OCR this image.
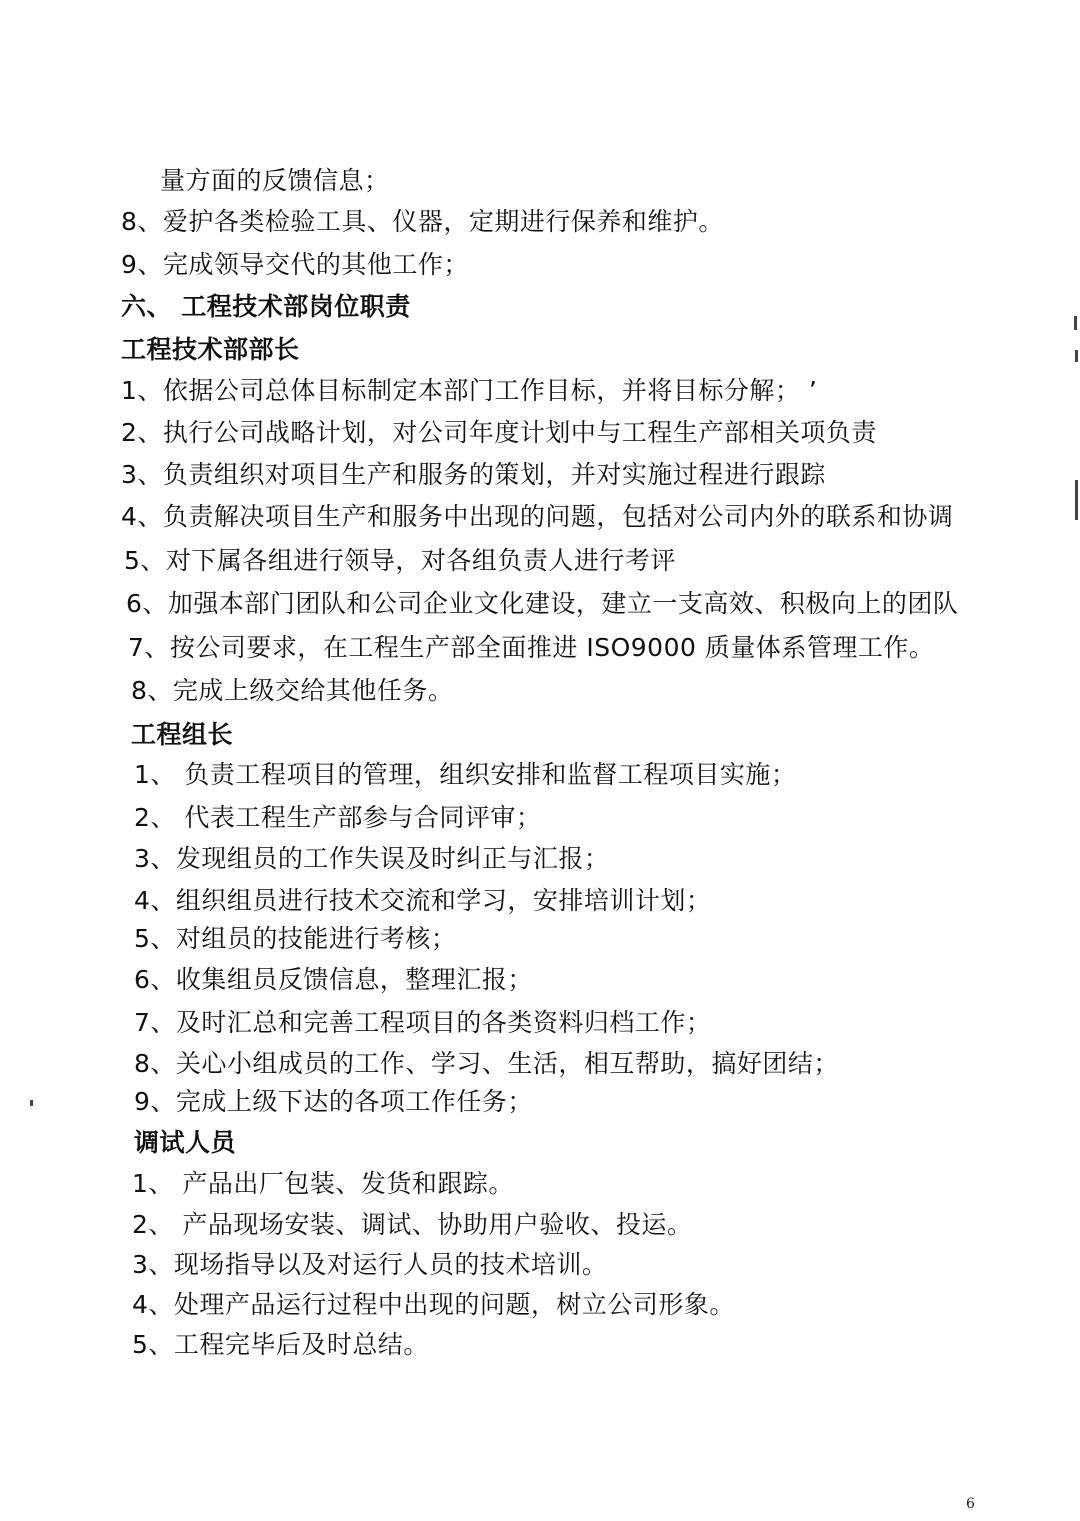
量方面的反馈信息；
8、爱护各类检验工具、仪器，定期进行保养和维护。
9、完成领导交代的其他工作；
六、 工程技术部岗位职责
工程技术部部长
1、依据公司总体目标制定本部门工作目标，并将目标分解； ’
2、执行公司战略计划，对公司年度计划中与工程生产部相关项负责
3、负责组织对项目生产和服务的策划，并对实施过程进行跟踪
4、负责解决项目生产和服务中出现的问题，包括对公司内外的联系和协调
5、对下属各组进行领导，对各组负责人进行考评
6、加强本部门团队和公司企业文化建设，建立一支高效、积极向上的团队
7、按公司要求，在工程生产部全面推进 ISO9000 质量体系管理工作。
8、完成上级交给其他任务。
工程组长
1、 负责工程项目的管理，组织安排和监督工程项目实施；
2、 代表工程生产部参与合同评审；
3、发现组员的工作失误及时纠正与汇报；
4、组织组员进行技术交流和学习，安排培训计划；
5、对组员的技能进行考核；
6、收集组员反馈信息，整理汇报；
7、及时汇总和完善工程项目的各类资料归档工作；
8、关心小组成员的工作、学习、生活，相互帮助，搞好团结；
9、完成上级下达的各项工作任务；
调试人员
1、 产品出厂包装、发货和跟踪。
2、 产品现场安装、调试、协助用户验收、投运。
3、现场指导以及对运行人员的技术培训。
4、处理产品运行过程中出现的问题，树立公司形象。
5、工程完毕后及时总结。
6
